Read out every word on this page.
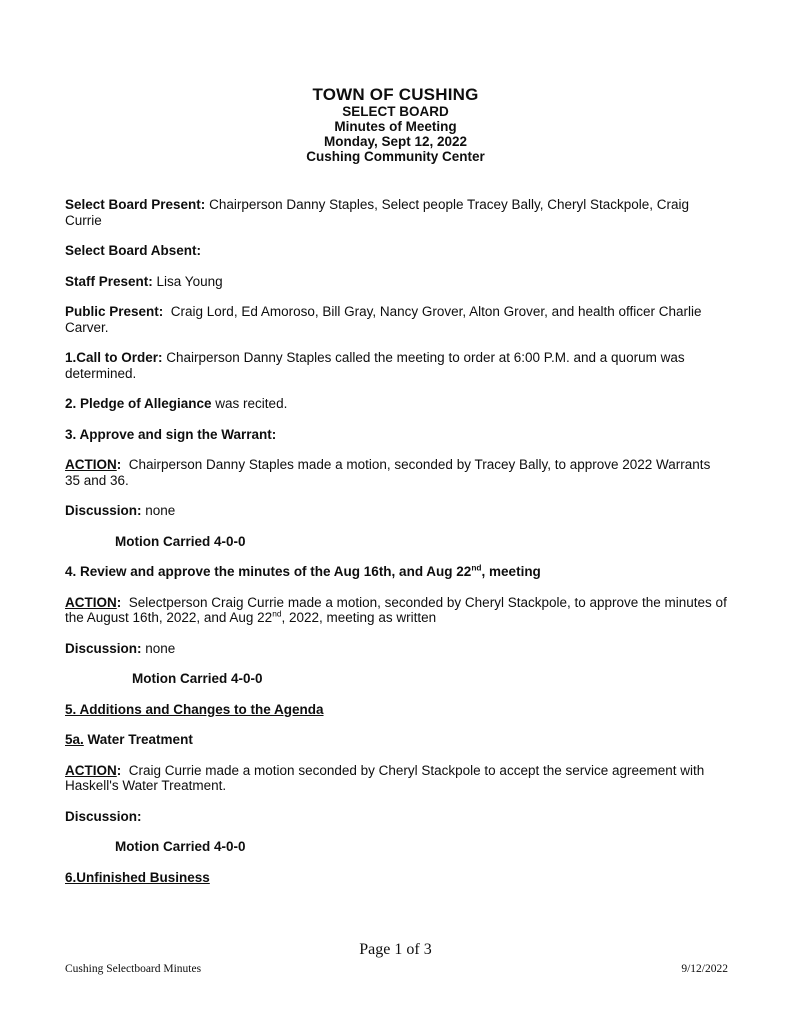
TOWN OF CUSHING
SELECT BOARD
Minutes of Meeting
Monday, Sept 12, 2022
Cushing Community Center
Select Board Present: Chairperson Danny Staples, Select people Tracey Bally, Cheryl Stackpole, Craig Currie
Select Board Absent:
Staff Present: Lisa Young
Public Present:  Craig Lord, Ed Amoroso, Bill Gray, Nancy Grover, Alton Grover, and health officer Charlie Carver.
1.Call to Order: Chairperson Danny Staples called the meeting to order at 6:00 P.M. and a quorum was determined.
2. Pledge of Allegiance was recited.
3. Approve and sign the Warrant:
ACTION:  Chairperson Danny Staples made a motion, seconded by Tracey Bally, to approve 2022 Warrants 35 and 36.
Discussion: none
Motion Carried 4-0-0
4. Review and approve the minutes of the Aug 16th, and Aug 22nd, meeting
ACTION:  Selectperson Craig Currie made a motion, seconded by Cheryl Stackpole, to approve the minutes of the August 16th, 2022, and Aug 22nd, 2022, meeting as written
Discussion: none
Motion Carried 4-0-0
5. Additions and Changes to the Agenda
5a. Water Treatment
ACTION:  Craig Currie made a motion seconded by Cheryl Stackpole to accept the service agreement with Haskell's Water Treatment.
Discussion:
Motion Carried 4-0-0
6.Unfinished Business
Page 1 of 3
Cushing Selectboard Minutes	9/12/2022
